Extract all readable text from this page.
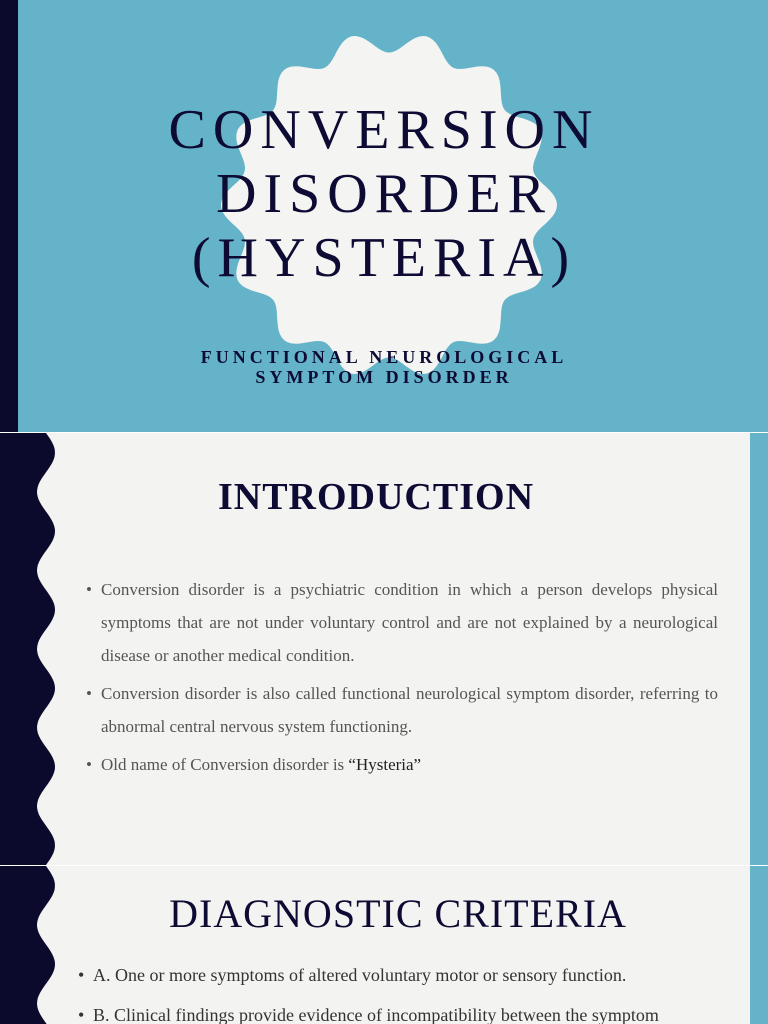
CONVERSION
DISORDER
(HYSTERIA)
FUNCTIONAL NEUROLOGICAL
SYMPTOM DISORDER
INTRODUCTION
• Conversion disorder is a psychiatric condition in which a person develops physical symptoms that are not under voluntary control and are not explained by a neurological disease or another medical condition.
• Conversion disorder is also called functional neurological symptom disorder, referring to abnormal central nervous system functioning.
• Old name of Conversion disorder is “Hysteria”
DIAGNOSTIC CRITERIA
• A. One or more symptoms of altered voluntary motor or sensory function.
• B. Clinical findings provide evidence of incompatibility between the symptom
